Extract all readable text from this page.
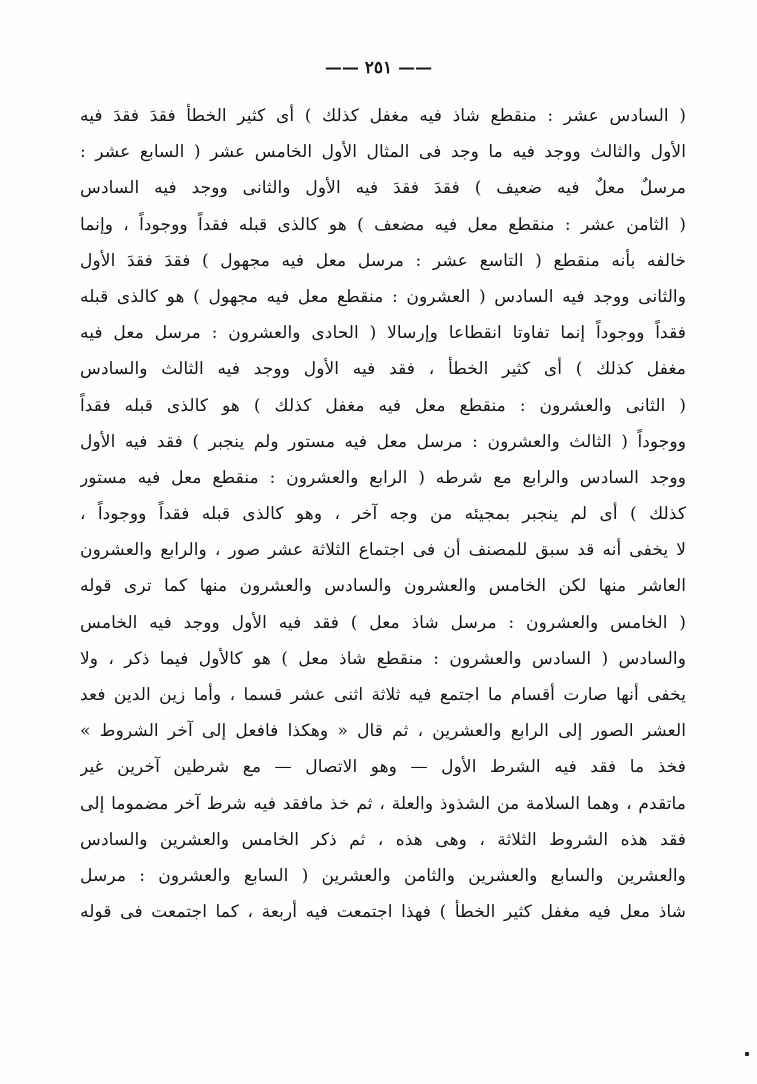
—— ٢٥١ ——
( السادس عشر : منقطع شاذ فيه مغفل كذلك ) أى كثير الخطأ فقدَ فقدَ فيه
الأول والثالث ووجد فيه ما وجد فى المثال الأول الخامس عشر ( السابع عشر :
مرسلٌ معلٌ فيه ضعيف ) فقدَ فقدَ فيه الأول والثانى ووجد فيه السادس
( الثامن عشر : منقطع معل فيه مضعف ) هو كالذى قبله فقداً ووجوداً ، وإنما
خالفه بأنه منقطع ( التاسع عشر : مرسل معل فيه مجهول ) فقدَ فقدَ الأول
والثانى ووجد فيه السادس ( العشرون : منقطع معل فيه مجهول ) هو كالذى قبله
فقداً ووجوداً إنما تفاوتا انقطاعا وإرسالا ( الحادى والعشرون : مرسل معل فيه
مغفل كذلك ) أى كثير الخطأ ، فقد فيه الأول ووجد فيه الثالث والسادس
( الثانى والعشرون : منقطع معل فيه مغفل كذلك ) هو كالذى قبله فقداً
ووجوداً ( الثالث والعشرون : مرسل معل فيه مستور ولم ينجبر ) فقد فيه الأول
ووجد السادس والرابع مع شرطه ( الرابع والعشرون : منقطع معل فيه مستور
كذلك ) أى لم ينجبر بمجيئه من وجه آخر ، وهو كالذى قبله فقداً ووجوداً ،
لا يخفى أنه قد سبق للمصنف أن فى اجتماع الثلاثة عشر صور ، والرابع والعشرون
العاشر منها لكن الخامس والعشرون والسادس والعشرون منها كما ترى قوله
( الخامس والعشرون : مرسل شاذ معل ) فقد فيه الأول ووجد فيه الخامس
والسادس ( السادس والعشرون : منقطع شاذ معل ) هو كالأول فيما ذكر ، ولا
يخفى أنها صارت أقسام ما اجتمع فيه ثلاثة اثنى عشر قسما ، وأما زين الدين فعد
العشر الصور إلى الرابع والعشرين ، ثم قال « وهكذا فافعل إلى آخر الشروط »
فخذ ما فقد فيه الشرط الأول — وهو الاتصال — مع شرطين آخرين غير
ماتقدم ، وهما السلامة من الشذوذ والعلة ، ثم خذ مافقد فيه شرط آخر مضموما إلى
فقد هذه الشروط الثلاثة ، وهى هذه ، ثم ذكر الخامس والعشرين والسادس
والعشرين والسابع والعشرين والثامن والعشرين ( السابع والعشرون : مرسل
شاذ معل فيه مغفل كثير الخطأ ) فهذا اجتمعت فيه أربعة ، كما اجتمعت فى قوله
